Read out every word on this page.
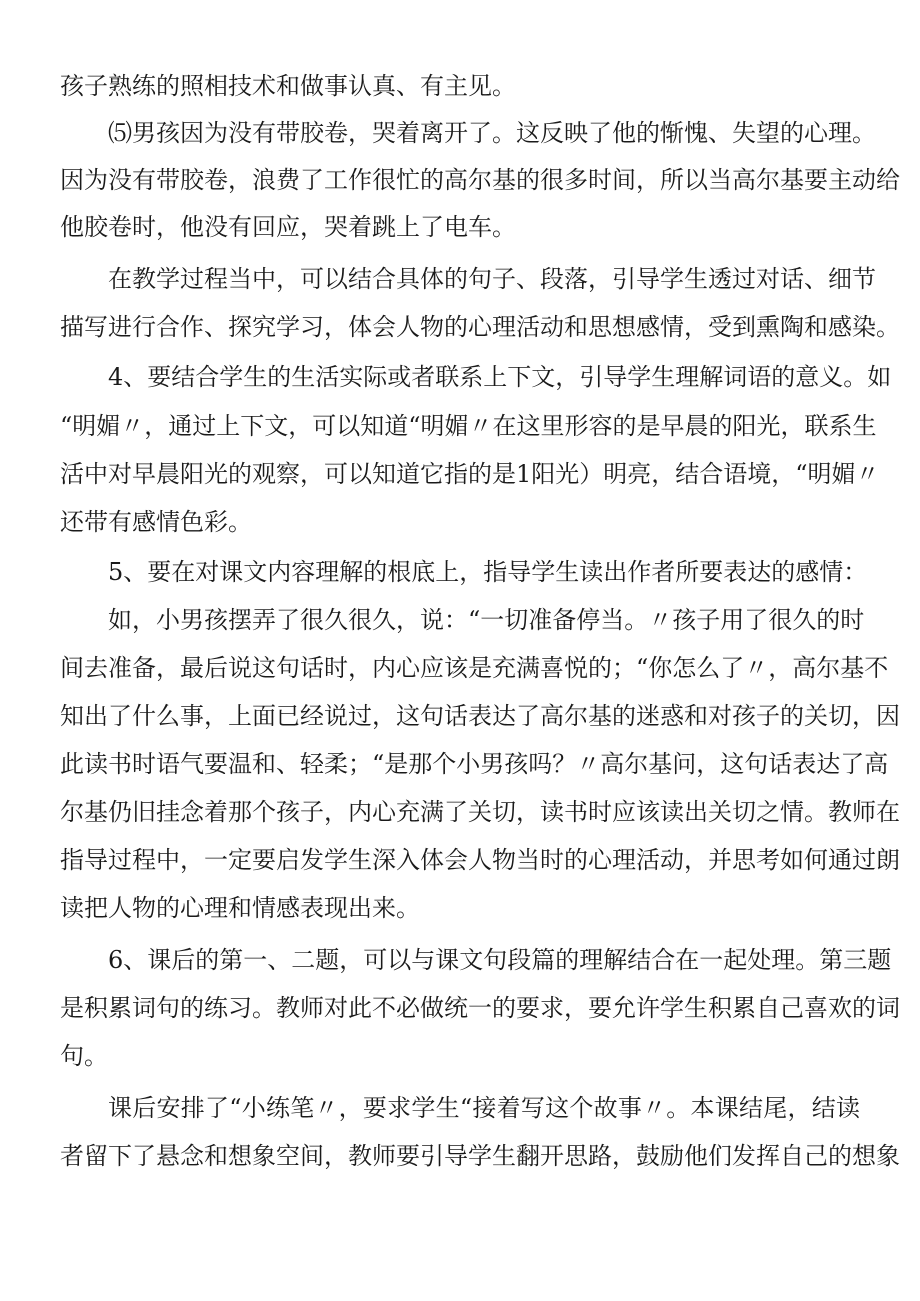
孩子熟练的照相技术和做事认真、有主见。
⑸男孩因为没有带胶卷，哭着离开了。这反映了他的惭愧、失望的心理。
因为没有带胶卷，浪费了工作很忙的高尔基的很多时间，所以当高尔基要主动给
他胶卷时，他没有回应，哭着跳上了电车。
在教学过程当中，可以结合具体的句子、段落，引导学生透过对话、细节
描写进行合作、探究学习，体会人物的心理活动和思想感情，受到熏陶和感染。
4、要结合学生的生活实际或者联系上下文，引导学生理解词语的意义。如
“明媚〃，通过上下文，可以知道“明媚〃在这里形容的是早晨的阳光，联系生
活中对早晨阳光的观察，可以知道它指的是1阳光）明亮，结合语境，“明媚〃
还带有感情色彩。
5、要在对课文内容理解的根底上，指导学生读出作者所要表达的感情：
如，小男孩摆弄了很久很久，说：“一切准备停当。〃孩子用了很久的时
间去准备，最后说这句话时，内心应该是充满喜悦的；“你怎么了〃，高尔基不
知出了什么事，上面已经说过，这句话表达了高尔基的迷惑和对孩子的关切，因
此读书时语气要温和、轻柔；“是那个小男孩吗？〃高尔基问，这句话表达了高
尔基仍旧挂念着那个孩子，内心充满了关切，读书时应该读出关切之情。教师在
指导过程中，一定要启发学生深入体会人物当时的心理活动，并思考如何通过朗
读把人物的心理和情感表现出来。
6、课后的第一、二题，可以与课文句段篇的理解结合在一起处理。第三题
是积累词句的练习。教师对此不必做统一的要求，要允许学生积累自己喜欢的词
句。
课后安排了“小练笔〃，要求学生“接着写这个故事〃。本课结尾，结读
者留下了悬念和想象空间，教师要引导学生翻开思路，鼓励他们发挥自己的想象
